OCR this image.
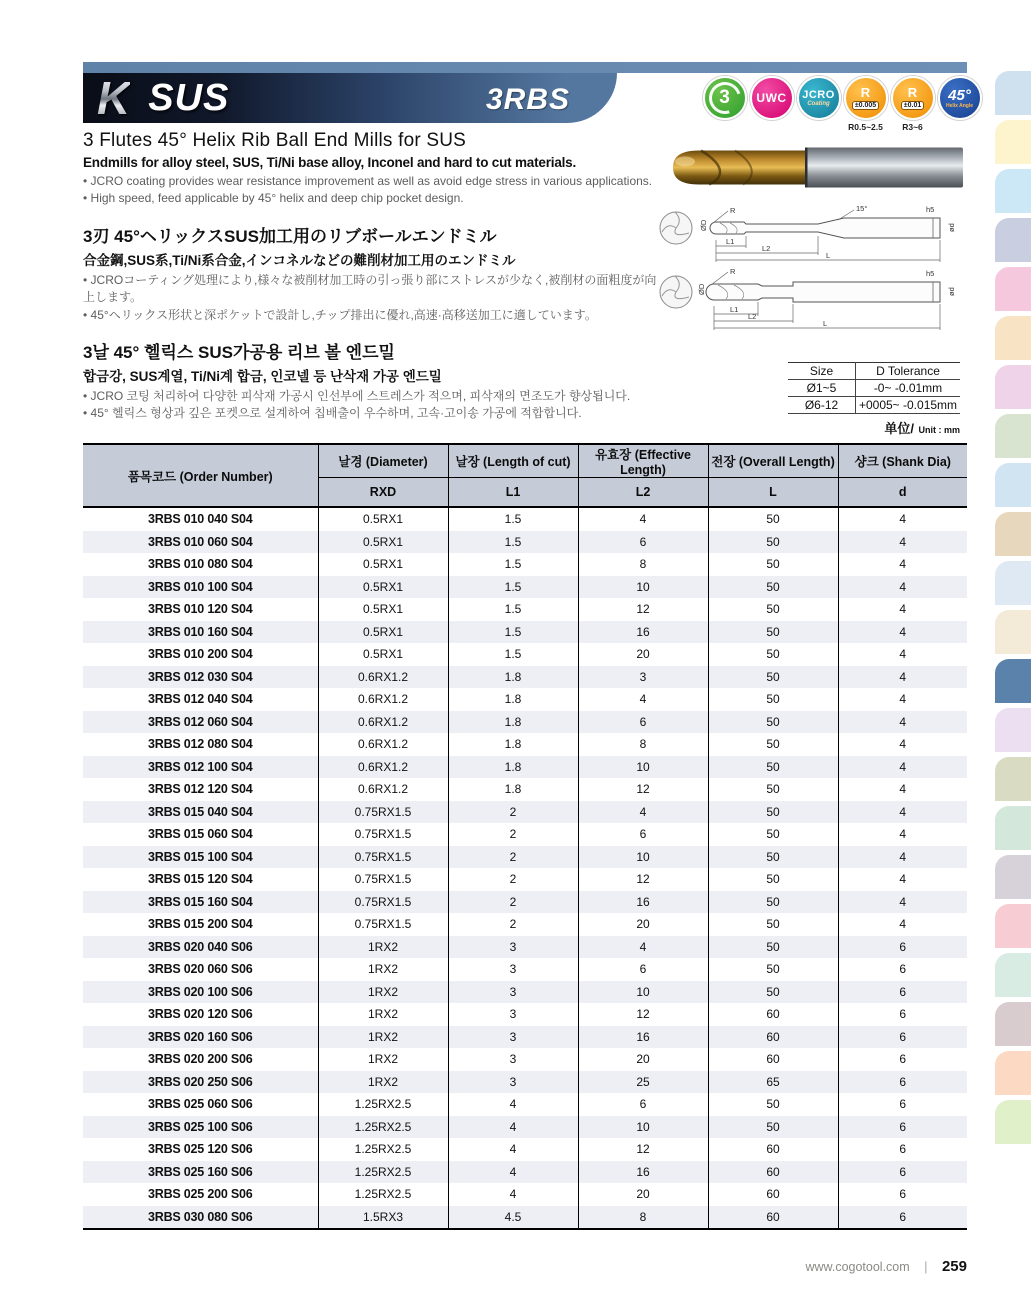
K SUS	3RBS	3 UWC JCRO
Coating
R
±0.005
R0.5~2.5
R
±0.01
R3~6
45°
Helix Angle
3 Flutes 45° Helix Rib Ball End Mills for SUS
Endmills for alloy steel, SUS, Ti/Ni base alloy, Inconel and hard to cut materials.
• JCRO coating provides wear resistance improvement as well as avoid edge stress in various applications.
• High speed, feed applicable by 45° helix and deep chip pocket design.
3刃 45°ヘリックスSUS加工用のリブボールエンドミル
合金鋼,SUS系,Ti/Ni系合金,インコネルなどの難削材加工用のエンドミル
• JCROコーティング処理により,様々な被削材加工時の引っ張り部にストレスが少なく,被削材の面粗度が向上します。
• 45°ヘリックス形状と深ポケットで設計し,チップ排出に優れ,高速·高移送加工に適しています。
3날 45° 헬릭스 SUS가공용 리브 볼 엔드밀
합금강, SUS계열, Ti/Ni계 합금, 인코넬 등 난삭재 가공 엔드밀
• JCRO 코팅 처리하여 다양한 피삭재 가공시 인선부에 스트레스가 적으며, 피삭재의 면조도가 향상됩니다.
• 45° 헬릭스 형상과 깊은 포켓으로 설계하여 칩배출이 우수하며, 고속·고이송 가공에 적합합니다.
R
ØD
15°	h5
ød
L1
L2
L
R
ØD
h5
ød
L1
L2
L
Size	D Tolerance
Ø1~5	-0~ -0.01mm
Ø6-12	+0005~ -0.015mm
单位/ Unit : mm
품목코드 (Order Number)	날경 (Diameter)	날장 (Length of cut)	유효장 (Effective Length)	전장 (Overall Length)	샹크 (Shank Dia)
	RXD	L1	L2	L	d
3RBS 010 040 S04	0.5RX1	1.5	4	50	4
3RBS 010 060 S04	0.5RX1	1.5	6	50	4
3RBS 010 080 S04	0.5RX1	1.5	8	50	4
3RBS 010 100 S04	0.5RX1	1.5	10	50	4
3RBS 010 120 S04	0.5RX1	1.5	12	50	4
3RBS 010 160 S04	0.5RX1	1.5	16	50	4
3RBS 010 200 S04	0.5RX1	1.5	20	50	4
3RBS 012 030 S04	0.6RX1.2	1.8	3	50	4
3RBS 012 040 S04	0.6RX1.2	1.8	4	50	4
3RBS 012 060 S04	0.6RX1.2	1.8	6	50	4
3RBS 012 080 S04	0.6RX1.2	1.8	8	50	4
3RBS 012 100 S04	0.6RX1.2	1.8	10	50	4
3RBS 012 120 S04	0.6RX1.2	1.8	12	50	4
3RBS 015 040 S04	0.75RX1.5	2	4	50	4
3RBS 015 060 S04	0.75RX1.5	2	6	50	4
3RBS 015 100 S04	0.75RX1.5	2	10	50	4
3RBS 015 120 S04	0.75RX1.5	2	12	50	4
3RBS 015 160 S04	0.75RX1.5	2	16	50	4
3RBS 015 200 S04	0.75RX1.5	2	20	50	4
3RBS 020 040 S06	1RX2	3	4	50	6
3RBS 020 060 S06	1RX2	3	6	50	6
3RBS 020 100 S06	1RX2	3	10	50	6
3RBS 020 120 S06	1RX2	3	12	60	6
3RBS 020 160 S06	1RX2	3	16	60	6
3RBS 020 200 S06	1RX2	3	20	60	6
3RBS 020 250 S06	1RX2	3	25	65	6
3RBS 025 060 S06	1.25RX2.5	4	6	50	6
3RBS 025 100 S06	1.25RX2.5	4	10	50	6
3RBS 025 120 S06	1.25RX2.5	4	12	60	6
3RBS 025 160 S06	1.25RX2.5	4	16	60	6
3RBS 025 200 S06	1.25RX2.5	4	20	60	6
3RBS 030 080 S06	1.5RX3	4.5	8	60	6
www.cogotool.com | 259
